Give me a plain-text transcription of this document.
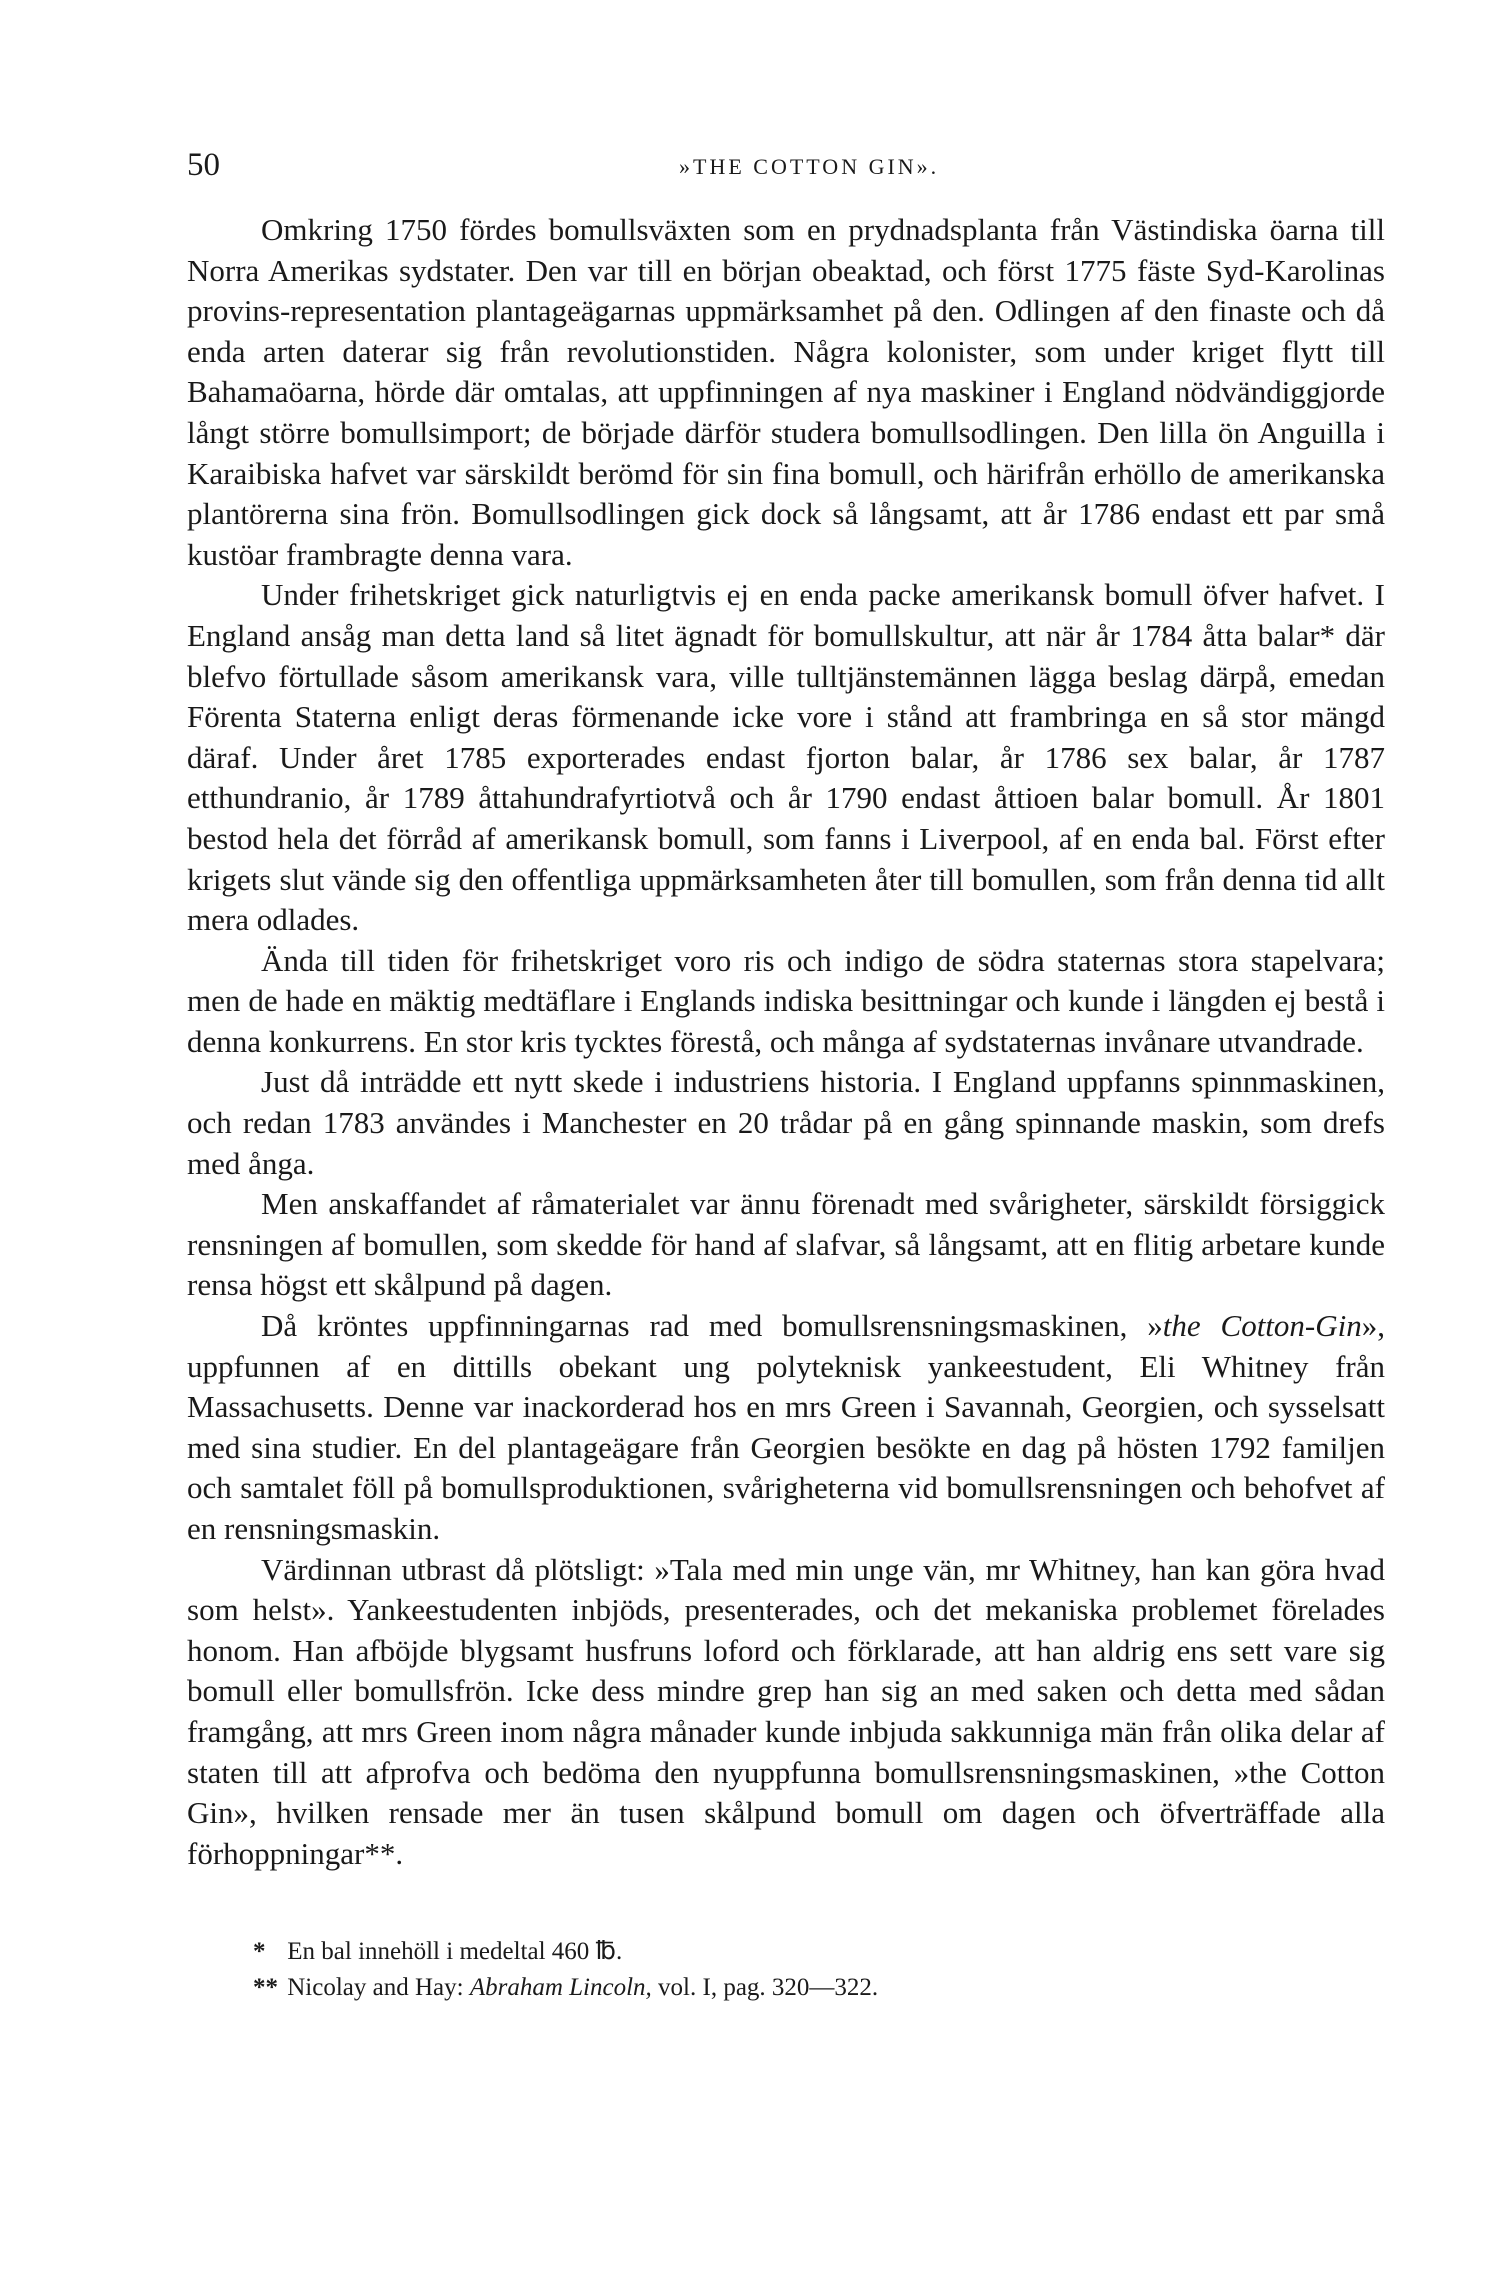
50	»THE COTTON GIN».

Omkring 1750 fördes bomullsväxten som en prydnadsplanta från Västindiska öarna till Norra Amerikas sydstater. Den var till en början obeaktad, och först 1775 fäste Syd-Karolinas provins-representation plantageägarnas uppmärksamhet på den. Odlingen af den finaste och då enda arten daterar sig från revolutionstiden. Några kolonister, som under kriget flytt till Bahamaöarna, hörde där omtalas, att uppfinningen af nya maskiner i England nödvändiggjorde långt större bomullsimport; de började därför studera bomullsodlingen. Den lilla ön Anguilla i Karaibiska hafvet var särskildt berömd för sin fina bomull, och härifrån erhöllo de amerikanska plantörerna sina frön. Bomullsodlingen gick dock så långsamt, att år 1786 endast ett par små kustöar frambragte denna vara.

Under frihetskriget gick naturligtvis ej en enda packe amerikansk bomull öfver hafvet. I England ansåg man detta land så litet ägnadt för bomullskultur, att när år 1784 åtta balar* där blefvo förtullade såsom amerikansk vara, ville tulltjänstemännen lägga beslag därpå, emedan Förenta Staterna enligt deras förmenande icke vore i stånd att frambringa en så stor mängd däraf. Under året 1785 exporterades endast fjorton balar, år 1786 sex balar, år 1787 etthundranio, år 1789 åttahundrafyrtiotvå och år 1790 endast åttioen balar bomull. År 1801 bestod hela det förråd af amerikansk bomull, som fanns i Liverpool, af en enda bal. Först efter krigets slut vände sig den offentliga uppmärksamheten åter till bomullen, som från denna tid allt mera odlades.

Ända till tiden för frihetskriget voro ris och indigo de södra staternas stora stapelvara; men de hade en mäktig medtäflare i Englands indiska besittningar och kunde i längden ej bestå i denna konkurrens. En stor kris tycktes förestå, och många af sydstaternas invånare utvandrade.

Just då inträdde ett nytt skede i industriens historia. I England uppfanns spinnmaskinen, och redan 1783 användes i Manchester en 20 trådar på en gång spinnande maskin, som drefs med ånga.

Men anskaffandet af råmaterialet var ännu förenadt med svårigheter, särskildt försiggick rensningen af bomullen, som skedde för hand af slafvar, så långsamt, att en flitig arbetare kunde rensa högst ett skålpund på dagen.

Då kröntes uppfinningarnas rad med bomullsrensningsmaskinen, »the Cotton-Gin», uppfunnen af en dittills obekant ung polyteknisk yankeestudent, Eli Whitney från Massachusetts. Denne var inackorderad hos en mrs Green i Savannah, Georgien, och sysselsatt med sina studier. En del plantageägare från Georgien besökte en dag på hösten 1792 familjen och samtalet föll på bomullsproduktionen, svårigheterna vid bomullsrensningen och behofvet af en rensningsmaskin.

Värdinnan utbrast då plötsligt: »Tala med min unge vän, mr Whitney, han kan göra hvad som helst». Yankeestudenten inbjöds, presenterades, och det mekaniska problemet förelades honom. Han afböjde blygsamt husfruns loford och förklarade, att han aldrig ens sett vare sig bomull eller bomullsfrön. Icke dess mindre grep han sig an med saken och detta med sådan framgång, att mrs Green inom några månader kunde inbjuda sakkunniga män från olika delar af staten till att afprofva och bedöma den nyuppfunna bomullsrensningsmaskinen, »the Cotton Gin», hvilken rensade mer än tusen skålpund bomull om dagen och öfverträffade alla förhoppningar**.

* En bal innehöll i medeltal 460 ℔.

** Nicolay and Hay: Abraham Lincoln, vol. I, pag. 320—322.
